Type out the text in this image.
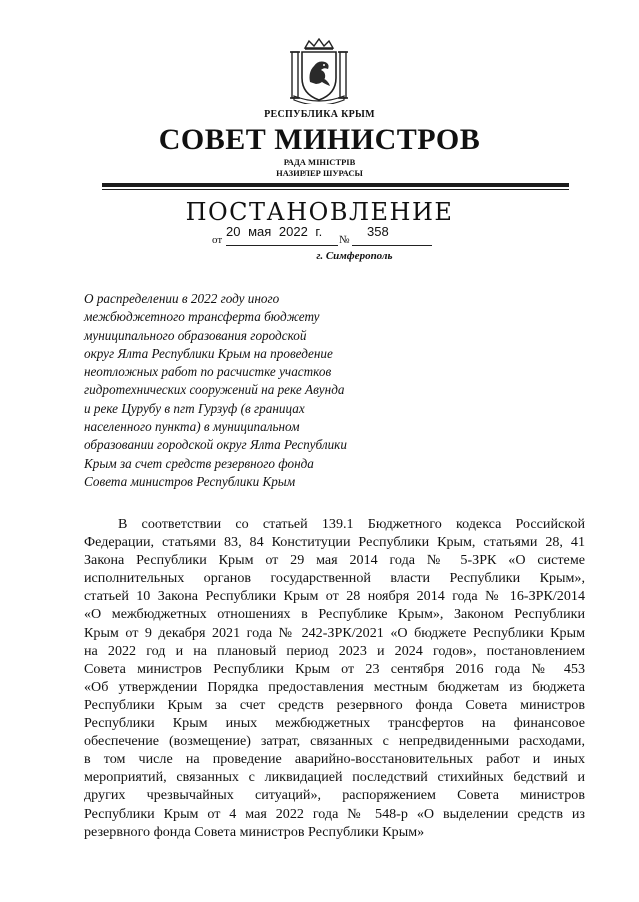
РЕСПУБЛИКА КРЫМ
СОВЕТ МИНИСТРОВ
РАДА МІНІСТРІВ
НАЗИРЛЕР ШУРАСЫ
ПОСТАНОВЛЕНИЕ
от
20 мая 2022 г.
№
358
г. Симферополь
О распределении в 2022 году иного
межбюджетного трансферта бюджету
муниципального образования городской
округ Ялта Республики Крым на проведение
неотложных работ по расчистке участков
гидротехнических сооружений на реке Авунда
и реке Цурубу в пгт Гурзуф (в границах
населенного пункта) в муниципальном
образовании городской округ Ялта Республики
Крым за счет средств резервного фонда
Совета министров Республики Крым
В соответствии со статьей 139.1 Бюджетного кодекса Российской
Федерации, статьями 83, 84 Конституции Республики Крым, статьями 28, 41
Закона Республики Крым от 29 мая 2014 года № 5-ЗРК «О системе
исполнительных органов государственной власти Республики Крым»,
статьей 10 Закона Республики Крым от 28 ноября 2014 года № 16-ЗРК/2014
«О межбюджетных отношениях в Республике Крым», Законом Республики
Крым от 9 декабря 2021 года № 242-ЗРК/2021 «О бюджете Республики Крым
на 2022 год и на плановый период 2023 и 2024 годов», постановлением
Совета министров Республики Крым от 23 сентября 2016 года № 453
«Об утверждении Порядка предоставления местным бюджетам из бюджета
Республики Крым за счет средств резервного фонда Совета министров
Республики Крым иных межбюджетных трансфертов на финансовое
обеспечение (возмещение) затрат, связанных с непредвиденными расходами,
в том числе на проведение аварийно-восстановительных работ и иных
мероприятий, связанных с ликвидацией последствий стихийных бедствий и
других чрезвычайных ситуаций», распоряжением Совета министров
Республики Крым от 4 мая 2022 года № 548-р «О выделении средств из
резервного фонда Совета министров Республики Крым»
